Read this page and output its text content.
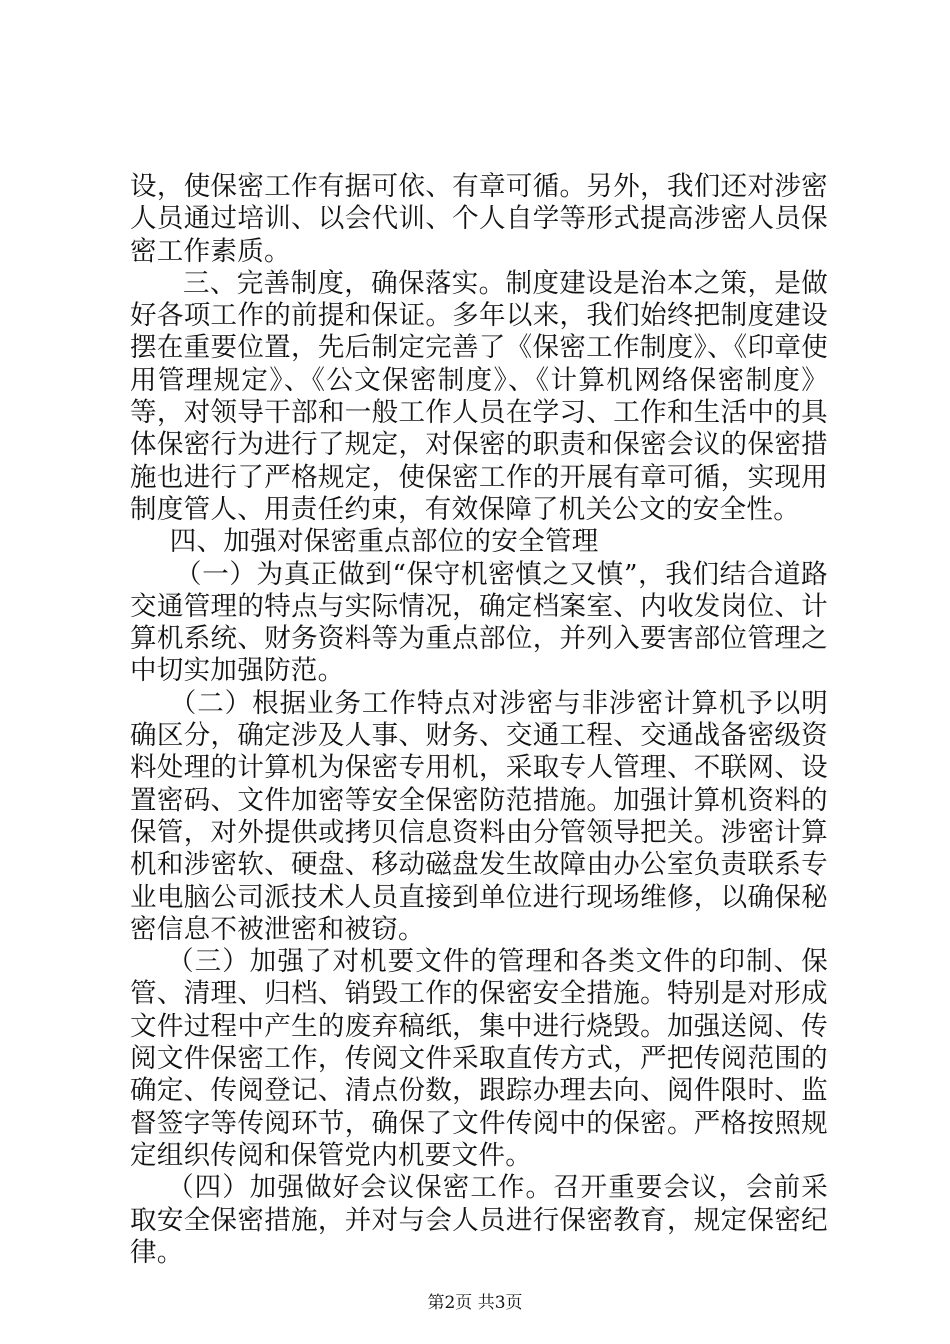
设，使保密工作有据可依、有章可循。另外，我们还对涉密人员通过培训、以会代训、个人自学等形式提高涉密人员保密工作素质。

三、完善制度，确保落实。制度建设是治本之策，是做好各项工作的前提和保证。多年以来，我们始终把制度建设摆在重要位置，先后制定完善了《保密工作制度》、《印章使用管理规定》、《公文保密制度》、《计算机网络保密制度》等，对领导干部和一般工作人员在学习、工作和生活中的具体保密行为进行了规定，对保密的职责和保密会议的保密措施也进行了严格规定，使保密工作的开展有章可循，实现用制度管人、用责任约束，有效保障了机关公文的安全性。

四、加强对保密重点部位的安全管理

（一）为真正做到“保守机密慎之又慎”，我们结合道路交通管理的特点与实际情况，确定档案室、内收发岗位、计算机系统、财务资料等为重点部位，并列入要害部位管理之中切实加强防范。

（二）根据业务工作特点对涉密与非涉密计算机予以明确区分，确定涉及人事、财务、交通工程、交通战备密级资料处理的计算机为保密专用机，采取专人管理、不联网、设置密码、文件加密等安全保密防范措施。加强计算机资料的保管，对外提供或拷贝信息资料由分管领导把关。涉密计算机和涉密软、硬盘、移动磁盘发生故障由办公室负责联系专业电脑公司派技术人员直接到单位进行现场维修，以确保秘密信息不被泄密和被窃。

（三）加强了对机要文件的管理和各类文件的印制、保管、清理、归档、销毁工作的保密安全措施。特别是对形成文件过程中产生的废弃稿纸，集中进行烧毁。加强送阅、传阅文件保密工作，传阅文件采取直传方式，严把传阅范围的确定、传阅登记、清点份数，跟踪办理去向、阅件限时、监督签字等传阅环节，确保了文件传阅中的保密。严格按照规定组织传阅和保管党内机要文件。

（四）加强做好会议保密工作。召开重要会议，会前采取安全保密措施，并对与会人员进行保密教育，规定保密纪律。

第2页 共3页
